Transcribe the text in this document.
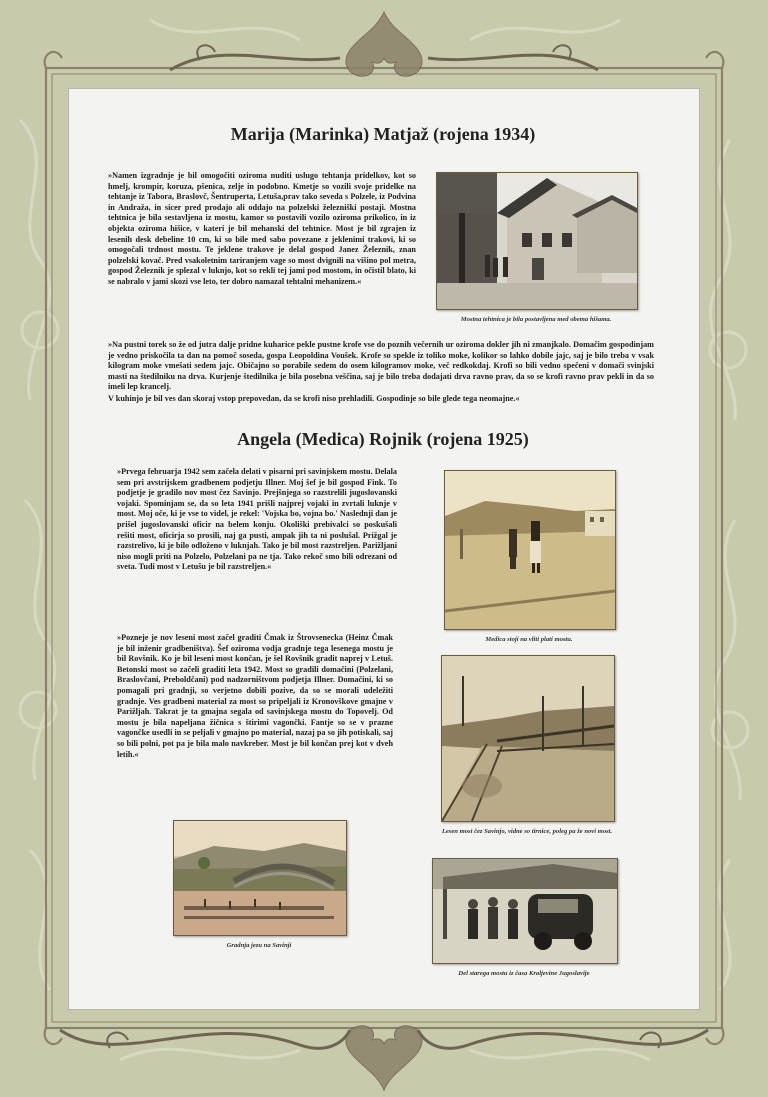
Marija (Marinka) Matjaž (rojena 1934)

»Namen izgradnje je bil omogočiti oziroma nuditi uslugo tehtanja pridelkov, kot so hmelj, krompir, koruza, pšenica, zelje in podobno. Kmetje so vozili svoje pridelke na tehtanje iz Tabora, Braslovč, Šentruperta, Letuša,prav tako seveda s Polzele, iz Podvina in Andraža, in sicer pred prodajo ali oddajo na polzelski železniški postaji. Mostna tehtnica je bila sestavljena iz mostu, kamor so postavili vozilo oziroma prikolico, in iz objekta oziroma hišice, v kateri je bil mehanski del tehtnice. Most je bil zgrajen iz lesenih desk debeline 10 cm, ki so bile med sabo povezane z jeklenimi trakovi, ki so omogočali trdnost mostu. Te jeklene trakove je delal gospod Janez Železnik, znan polzelski kovač. Pred vsakoletnim tariranjem vage so most dvignili na višino pol metra, gospod Železnik je splezal v luknjo, kot so rekli tej jami pod mostom, in očistil blato, ki se nabralo v jami skozi vse leto, ter dobro namazal tehtalni mehanizem.«

Mostna tehtnica je bila postavljena med obema hišama.

»Na pustni torek so že od jutra dalje pridne kuharice pekle pustne krofe vse do poznih večernih ur oziroma dokler jih ni zmanjkalo. Domačim gospodinjam je vedno priskočila ta dan na pomoč soseda, gospa Leopoldina Voušek. Krofe so spekle iz toliko moke, kolikor so lahko dobile jajc, saj je bilo treba v vsak kilogram moke vmešati sedem jajc. Običajno so porabile sedem do osem kilogramov moke, več redkokdaj. Krofi so bili vedno spečeni v domači svinjski masti na štedilniku na drva. Kurjenje štedilnika je bila posebna veščina, saj je bilo treba dodajati drva ravno prav, da so se krofi ravno prav pekli in da so imeli lep krancelj.

V kuhinjo je bil ves dan skoraj vstop prepovedan, da se krofi niso prehladili. Gospodinje so bile glede tega neomajne.«

Angela (Medica) Rojnik (rojena 1925)

»Prvega februarja 1942 sem začela delati v pisarni pri savinjskem mostu. Delala sem pri avstrijskem gradbenem podjetju Illner. Moj šef je bil gospod Fink. To podjetje je gradilo nov most čez Savinjo. Prejšnjega so razstrelili jugoslovanski vojaki. Spominjam se, da so leta 1941 prišli najprej vojaki in zvrtali luknje v most. Moj oče, ki je vse to videl, je rekel: 'Vojska bo, vojna bo.' Naslednji dan je prišel jugoslovanski oficir na belem konju. Okoliški prebivalci so poskušali rešiti most, oficirja so prosili, naj ga pusti, ampak jih ta ni poslušal. Prižgal je razstrelivo, ki je bilo odloženo v luknjah. Tako je bil most razstreljen. Parižljani niso mogli priti na Polzelo, Polzelani pa ne tja. Tako rekoč smo bili odrezani od sveta. Tudi most v Letušu je bil razstreljen.«

Medica stoji na vliti plati mostu.

»Pozneje je nov leseni most začel graditi Čmak iz Štrovsenecka (Heinz Čmak je bil inženir gradbeništva). Šef oziroma vodja gradnje tega lesenega mostu je bil Rovšnik. Ko je bil leseni most končan, je šel Rovšnik gradit naprej v Letuš. Betonski most so začeli graditi leta 1942. Most so gradili domačini (Polzelani, Braslovčani, Preboldčani) pod nadzorništvom podjetja Illner. Domačini, ki so pomagali pri gradnji, so verjetno dobili pozive, da so se morali udeležiti gradnje. Ves gradbeni material za most so pripeljali iz Kronovškove gmajne v Parižljah. Takrat je ta gmajna segala od savinjskega mostu do Topovelj. Od mostu je bila napeljana žičnica s štirimi vagončki. Fantje so se v prazne vagončke usedli in se peljali v gmajno po material, nazaj pa so jih potiskali, saj so bili polni, pot pa je bila malo navkreber. Most je bil končan prej kot v dveh letih.«

Lesen most čez Savinjo, vidne so tirnice, poleg pa že novi most.

Gradnja jezu na Savinji

Del starega mostu iz časa Kraljevine Jugoslavije
